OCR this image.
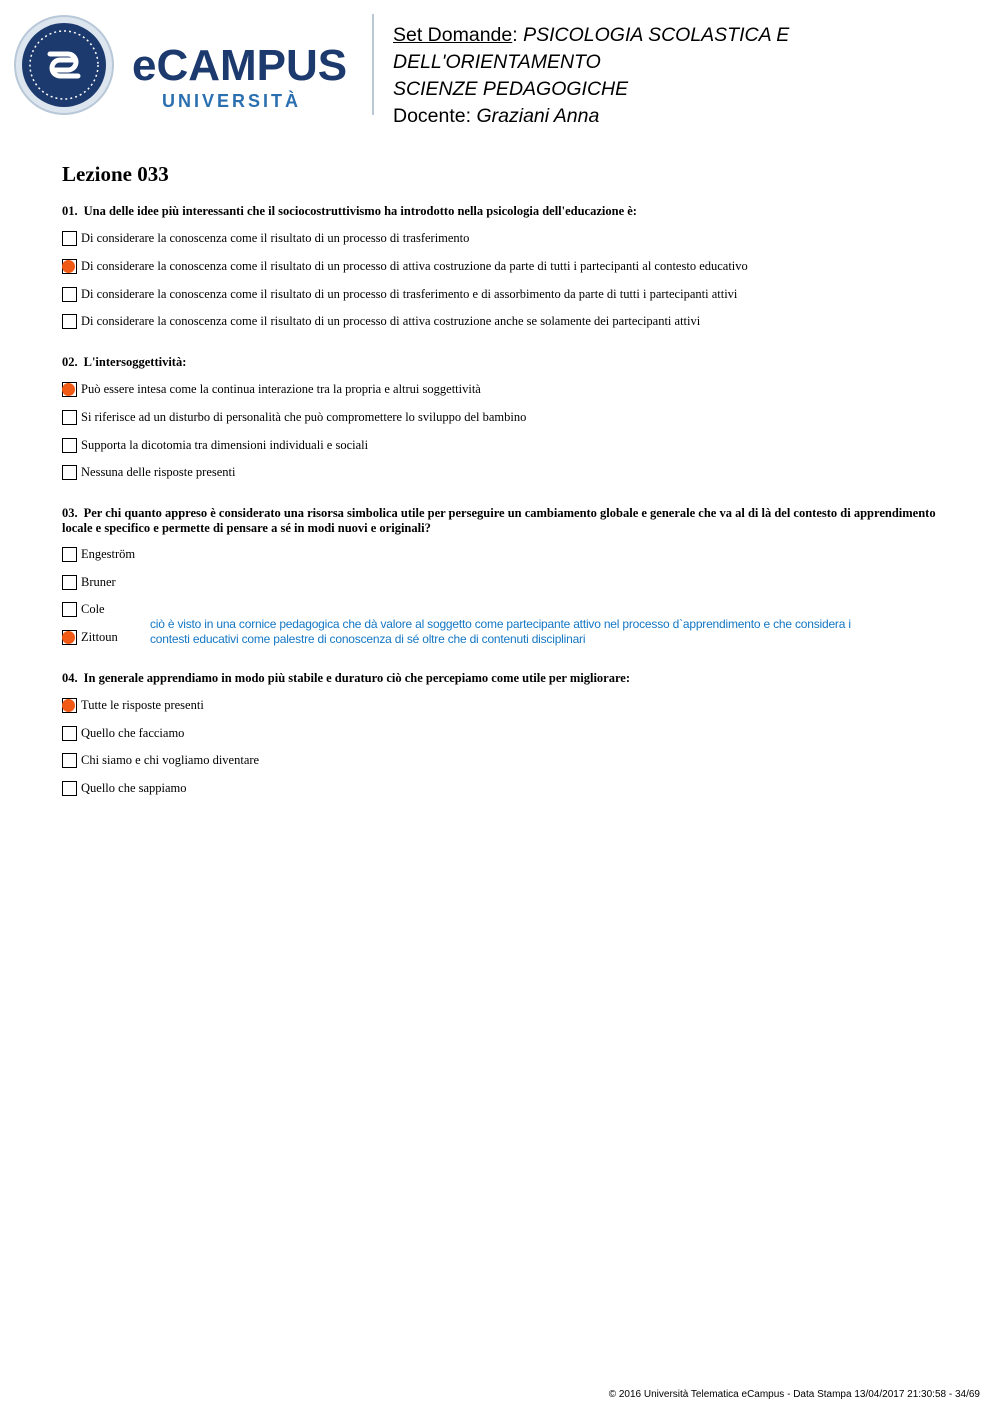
eCAMPUS
UNIVERSITÀ
Set Domande: PSICOLOGIA SCOLASTICA E DELL'ORIENTAMENTO
SCIENZE PEDAGOGICHE
Docente: Graziani Anna
Lezione 033

01. Una delle idee più interessanti che il sociocostruttivismo ha introdotto nella psicologia dell'educazione è:

Di considerare la conoscenza come il risultato di un processo di trasferimento
Di considerare la conoscenza come il risultato di un processo di attiva costruzione da parte di tutti i partecipanti al contesto educativo
Di considerare la conoscenza come il risultato di un processo di trasferimento e di assorbimento da parte di tutti i partecipanti attivi
Di considerare la conoscenza come il risultato di un processo di attiva costruzione anche se solamente dei partecipanti attivi

02. L'intersoggettività:

Può essere intesa come la continua interazione tra la propria e altrui soggettività
Si riferisce ad un disturbo di personalità che può compromettere lo sviluppo del bambino
Supporta la dicotomia tra dimensioni individuali e sociali
Nessuna delle risposte presenti

03. Per chi quanto appreso è considerato una risorsa simbolica utile per perseguire un cambiamento globale e generale che va al di là del contesto di apprendimento locale e specifico e permette di pensare a sé in modi nuovi e originali?

Engeström
Bruner
Cole
Zittoun

ciò è visto in una cornice pedagogica che dà valore al soggetto come partecipante attivo nel processo d`apprendimento e che considera i contesti educativi come palestre di conoscenza di sé oltre che di contenuti disciplinari

04. In generale apprendiamo in modo più stabile e duraturo ciò che percepiamo come utile per migliorare:

Tutte le risposte presenti
Quello che facciamo
Chi siamo e chi vogliamo diventare
Quello che sappiamo
© 2016 Università Telematica eCampus - Data Stampa 13/04/2017 21:30:58 - 34/69
